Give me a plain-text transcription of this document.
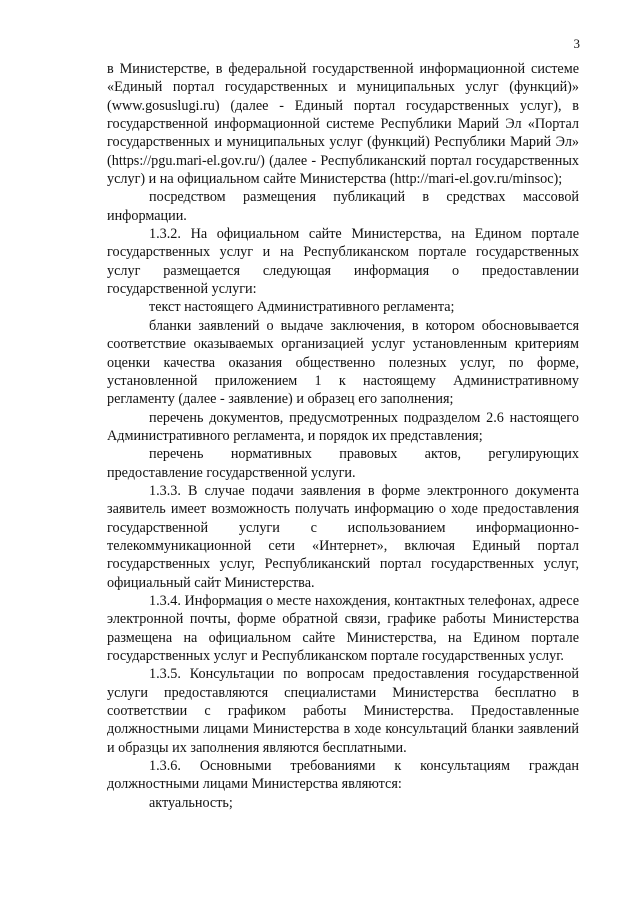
3

в Министерстве, в федеральной государственной информационной системе «Единый портал государственных и муниципальных услуг (функций)» (www.gosuslugi.ru) (далее - Единый портал государственных услуг), в государственной информационной системе Республики Марий Эл «Портал государственных и муниципальных услуг (функций) Республики Марий Эл» (https://pgu.mari-el.gov.ru/) (далее - Республиканский портал государственных услуг) и на официальном сайте Министерства (http://mari-el.gov.ru/minsoc);

посредством размещения публикаций в средствах массовой информации.

1.3.2. На официальном сайте Министерства, на Едином портале государственных услуг и на Республиканском портале государственных услуг размещается следующая информация о предоставлении государственной услуги:

текст настоящего Административного регламента;

бланки заявлений о выдаче заключения, в котором обосновывается соответствие оказываемых организацией услуг установленным критериям оценки качества оказания общественно полезных услуг, по форме, установленной приложением 1 к настоящему Административному регламенту (далее - заявление) и образец его заполнения;

перечень документов, предусмотренных подразделом 2.6 настоящего Административного регламента, и порядок их представления;

перечень нормативных правовых актов, регулирующих предоставление государственной услуги.

1.3.3. В случае подачи заявления в форме электронного документа заявитель имеет возможность получать информацию о ходе предоставления государственной услуги с использованием информационно-телекоммуникационной сети «Интернет», включая Единый портал государственных услуг, Республиканский портал государственных услуг, официальный сайт Министерства.

1.3.4. Информация о месте нахождения, контактных телефонах, адресе электронной почты, форме обратной связи, графике работы Министерства размещена на официальном сайте Министерства, на Едином портале государственных услуг и Республиканском портале государственных услуг.

1.3.5. Консультации по вопросам предоставления государственной услуги предоставляются специалистами Министерства бесплатно в соответствии с графиком работы Министерства. Предоставленные должностными лицами Министерства в ходе консультаций бланки заявлений и образцы их заполнения являются бесплатными.

1.3.6. Основными требованиями к консультациям граждан должностными лицами Министерства являются:

актуальность;
